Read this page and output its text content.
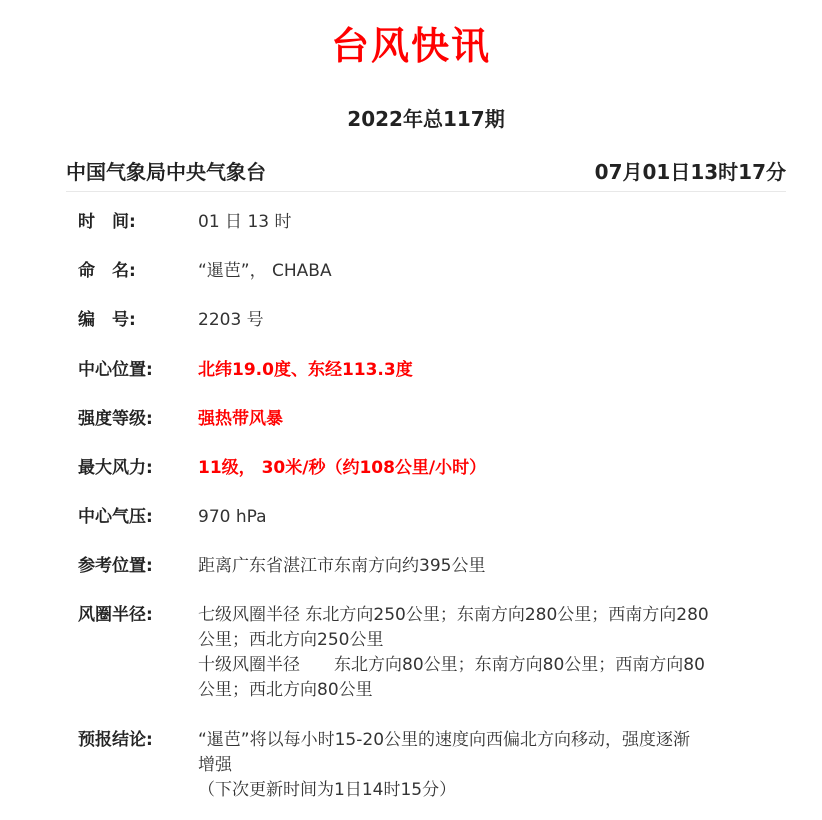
台风快讯
2022年总117期
中国气象局中央气象台	07月01日13时17分
时　间:	01 日 13 时
命　名:	“暹芭”， CHABA
编　号:	2203 号
中心位置:	北纬19.0度、东经113.3度
强度等级:	强热带风暴
最大风力:	11级， 30米/秒（约108公里/小时）
中心气压:	970 hPa
参考位置:	距离广东省湛江市东南方向约395公里
风圈半径:	七级风圈半径 东北方向250公里；东南方向280公里；西南方向280
公里；西北方向250公里
十级风圈半径　　东北方向80公里；东南方向80公里；西南方向80
公里；西北方向80公里
预报结论:	“暹芭”将以每小时15-20公里的速度向西偏北方向移动，强度逐渐
增强
（下次更新时间为1日14时15分）
